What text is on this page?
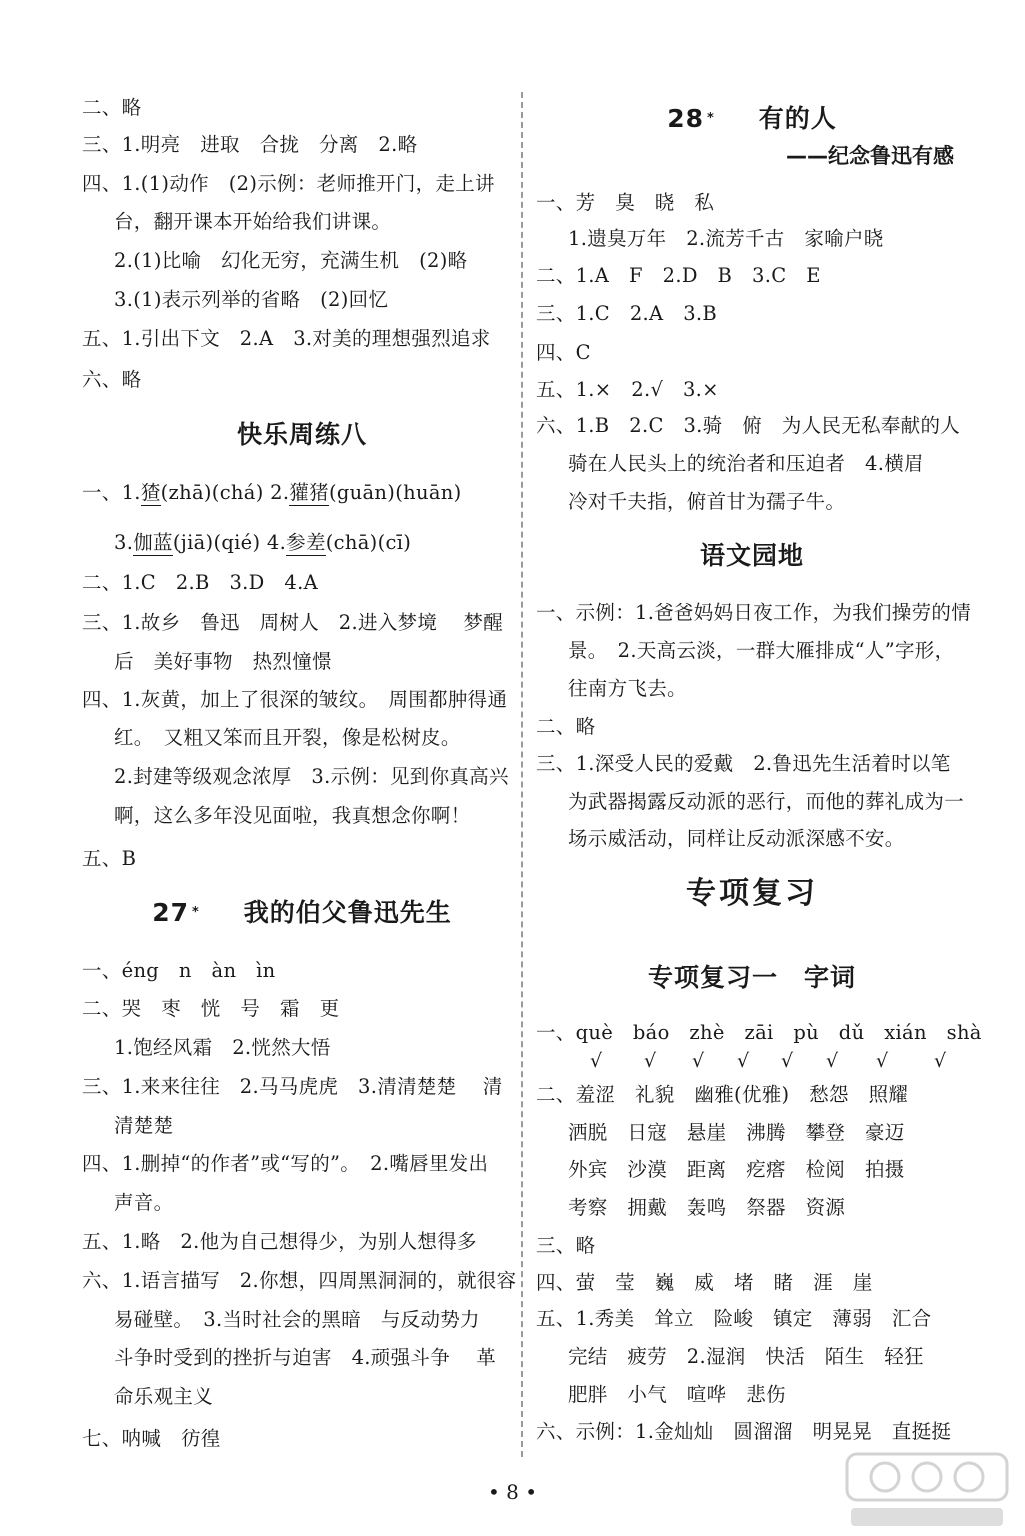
二、略
三、1.明亮　进取　合拢　分离　2.略
四、1.(1)动作　(2)示例：老师推开门，走上讲
台，翻开课本开始给我们讲课。
2.(1)比喻　幻化无穷，充满生机　(2)略
3.(1)表示列举的省略　(2)回忆
五、1.引出下文　2.A　3.对美的理想强烈追求
六、略
快乐周练八
一、1.猹(zhā)(chá) 2.獾猪(guān)(huān)
3.伽蓝(jiā)(qié) 4.参差(chā)(cī)
二、1.C　2.B　3.D　4.A
三、1.故乡　鲁迅　周树人　2.进入梦境　 梦醒
后　美好事物　热烈憧憬
四、1.灰黄，加上了很深的皱纹。　周围都肿得通
红。　又粗又笨而且开裂，像是松树皮。
2.封建等级观念浓厚　3.示例：见到你真高兴
啊，这么多年没见面啦，我真想念你啊！
五、B
27 * 我的伯父鲁迅先生
一、éng　n　àn　ìn
二、哭　枣　恍　号　霜　更
1.饱经风霜　2.恍然大悟
三、1.来来往往　2.马马虎虎　3.清清楚楚　 清
清楚楚
四、1.删掉“的作者”或“写的”。　2.嘴唇里发出
声音。
五、1.略　2.他为自己想得少，为别人想得多
六、1.语言描写　2.你想，四周黑洞洞的，就很容
易碰壁。　3.当时社会的黑暗　与反动势力
斗争时受到的挫折与迫害　4.顽强斗争　 革
命乐观主义
七、呐喊　彷徨
28 * 有的人
——纪念鲁迅有感
一、芳　臭　晓　私
1.遗臭万年　2.流芳千古　家喻户晓
二、1.A　F　2.D　B　3.C　E
三、1.C　2.A　3.B
四、C
五、1.×　2.√　3.×
六、1.B　2.C　3.骑　俯　为人民无私奉献的人
骑在人民头上的统治者和压迫者　4.横眉
冷对千夫指，俯首甘为孺子牛。
语文园地
一、示例：1.爸爸妈妈日夜工作，为我们操劳的情
景。　2.天高云淡，一群大雁排成“人”字形，
往南方飞去。
二、略
三、1.深受人民的爱戴　2.鲁迅先生活着时以笔
为武器揭露反动派的恶行，而他的葬礼成为一
场示威活动，同样让反动派深感不安。
专项复习
专项复习一　字词
一、què　báo　zhè　zāi　pù　dǔ　xián　shà
√ √ √ √ √ √ √ √
二、羞涩　礼貌　幽雅(优雅)　愁怨　照耀
洒脱　日寇　悬崖　沸腾　攀登　豪迈
外宾　沙漠　距离　疙瘩　检阅　拍摄
考察　拥戴　轰鸣　祭器　资源
三、略
四、萤　莹　巍　威　堵　睹　涯　崖
五、1.秀美　耸立　险峻　镇定　薄弱　汇合
完结　疲劳　2.湿润　快活　陌生　轻狂
肥胖　小气　喧哗　悲伤
六、示例：1.金灿灿　圆溜溜　明晃晃　直挺挺
• 8 •
